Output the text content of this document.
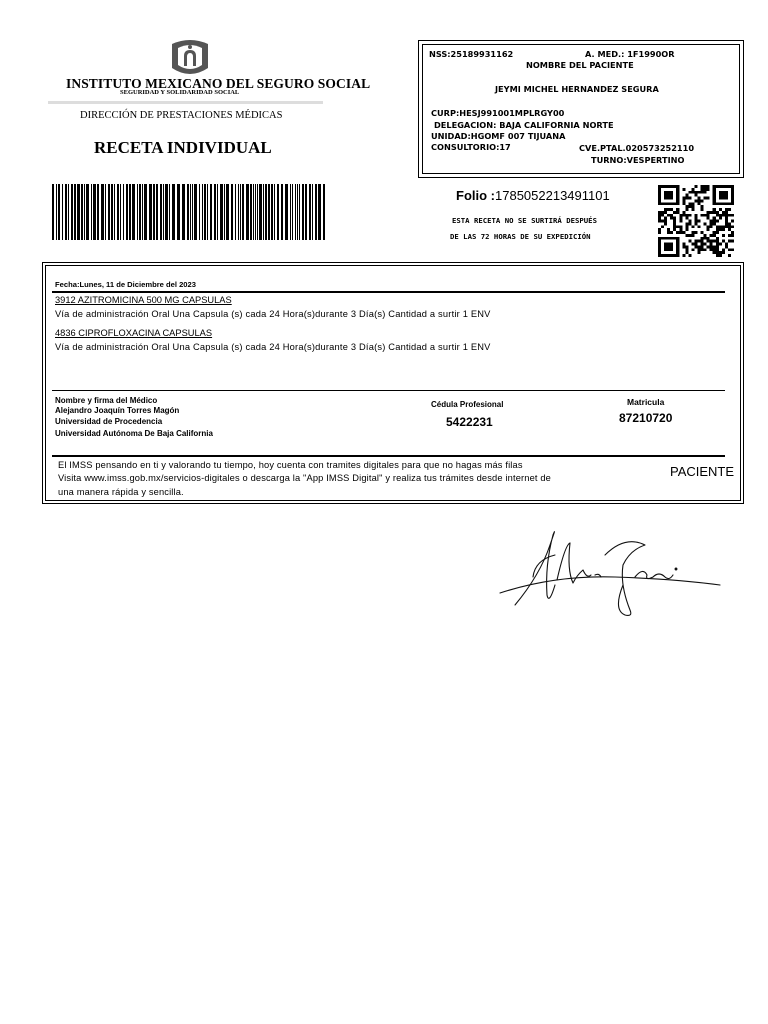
INSTITUTO MEXICANO DEL SEGURO SOCIAL
SEGURIDAD Y SOLIDARIDAD SOCIAL
DIRECCIÓN DE PRESTACIONES MÉDICAS
RECETA INDIVIDUAL
NSS:25189931162	A. MED.: 1F1990OR
NOMBRE DEL PACIENTE
JEYMI MICHEL HERNANDEZ SEGURA
CURP:HESJ991001MPLRGY00
DELEGACION: BAJA CALIFORNIA NORTE
UNIDAD:HGOMF 007 TIJUANA
CONSULTORIO:17	CVE.PTAL.020573252110
TURNO:VESPERTINO
Folio :1785052213491101
ESTA RECETA NO SE SURTIRÁ DESPUÉS
DE LAS 72 HORAS DE SU EXPEDICIÓN
Fecha:Lunes, 11 de Diciembre del 2023
3912 AZITROMICINA 500 MG CAPSULAS
Vía de administración Oral Una Capsula (s) cada 24 Hora(s)durante 3 Día(s) Cantidad a surtir 1 ENV
4836 CIPROFLOXACINA CAPSULAS
Vía de administración Oral Una Capsula (s) cada 24 Hora(s)durante 3 Día(s) Cantidad a surtir 1 ENV
Nombre y firma del Médico
Alejandro Joaquín Torres Magón
Universidad de Procedencia
Universidad Autónoma De Baja California
Cédula Profesional
5422231
Matricula
87210720
El IMSS pensando en ti y valorando tu tiempo, hoy cuenta con tramites digitales para que no hagas más filas
Visita www.imss.gob.mx/servicios-digitales o descarga la "App IMSS Digital" y realiza tus trámites desde internet de
una manera rápida y sencilla.
PACIENTE
